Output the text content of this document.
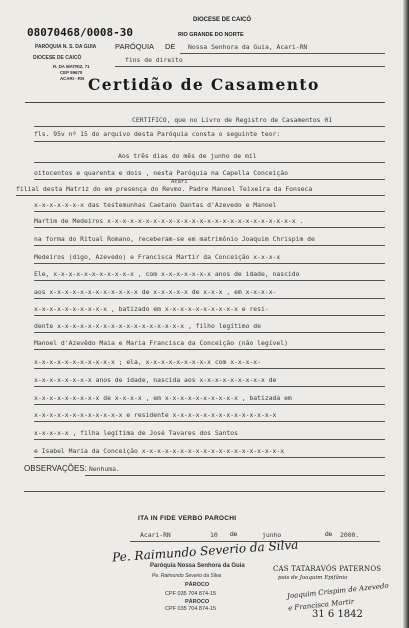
08070468/0008-30
PARÓQUIA N. S. DA GUIA
DIOCESE DE CAICÓ
R. DA MATRIZ, 71
CEP 59670
ACARI - RN
DIOCESE DE CAICÓ
RIO GRANDE DO NORTE
PARÓQUIA DE Nossa Senhora da Guia, Acari-RN
fins de direito
Certidão de Casamento
CERTIFICO, que no Livro de Registro de Casamentos 01
fls. 95v nº 15 do arquivo desta Paróquia consta o seguinte teor:
Aos três dias do mês de junho de mil
oitocentos e quarenta e dois , nesta Paróquia na Capella Conceição
Acari
filial desta Matriz do em presença do Revmo. Padre Manoel Teixeira da Fonseca
x-x-x-x-x-x-x das testemunhas Caetano Dantas d'Azevedo e Manoel
Martim de Medeiros x-x-x-x-x-x-x-x-x-x-x-x-x-x-x-x-x-x-x-x-x-x-x-x-x .
na forma do Ritual Romano, receberam-se em matrimônio Joaquim Chrispim de
Medeiros (digo, Azevedo) e Francisca Martir da Conceição x-x-x-x
Ele, x-x-x-x-x-x-x-x-x-x-x , com x-x-x-x-x-x-x anos de idade, nascido
aos x-x-x-x-x-x-x-x-x-x-x-x de x-x-x-x-x de x-x-x , em x-x-x-x-
x-x-x-x-x-x-x-x-x-x , batizado em x-x-x-x-x-x-x-x-x-x e resi-
dente x-x-x-x-x-x-x-x-x-x-x-x-x-x-x-x-x , filho legítimo de
Manoel d'Azevêdo Maia e Maria Francisca da Conceição (não legível)
x-x-x-x-x-x-x-x-x-x-x ; ela, x-x-x-x-x-x-x-x-x com x-x-x-x-
x-x-x-x-x-x-x-x anos de idade, nascida aos x-x-x-x-x-x-x-x-x de
x-x-x-x-x-x-x-x-x de x-x-x-x , em x-x-x-x-x-x-x-x-x-x , batizada em
x-x-x-x-x-x-x-x-x-x-x-x e residente x-x-x-x-x-x-x-x-x-x-x-x-x-x
x-x-x-x-x , filha legítima de José Tavares dos Santos
e Isabel Maria da Conceição x-x-x-x-x-x-x-x-x-x-x-x-x-x-x-x-x-x-x
OBSERVAÇÕES: Nenhuma.
ITA IN FIDE VERBO PAROCHI
Acari-RN	10 de	junho	de 2000.
Pe. Raimundo Severio da Silva
Paróquia Nossa Senhora da Guia
Pe. Raimundo Severio da Silva
PÁROCO
CPF 035 704 874-15
PÁROCO
CPF 035 704 874-15
CAS TATARAVÓS PATERNOS
pais de Joaquim Epifânio
Joaquim Crispim de Azevedo
e Francisca Martir
31 6 1842
